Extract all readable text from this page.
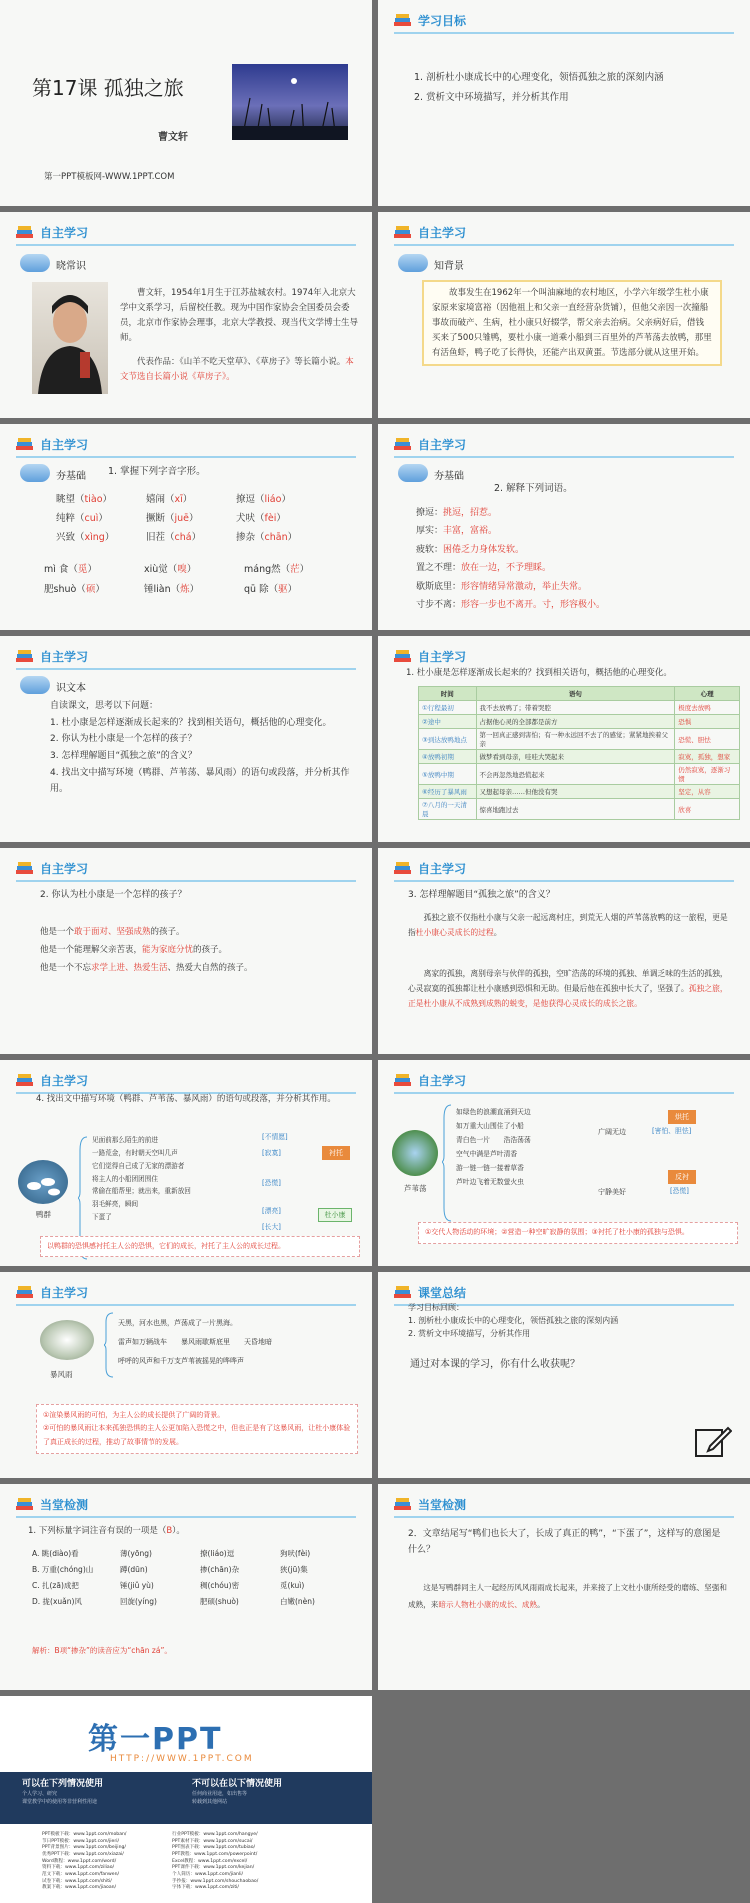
第17课 孤独之旅
曹文轩
第一PPT模板网-WWW.1PPT.COM
学习目标
1. 剖析杜小康成长中的心理变化，领悟孤独之旅的深刻内涵
2. 赏析文中环境描写，并分析其作用
自主学习
晓常识
曹文轩，1954年1月生于江苏盐城农村。1974年入北京大学中文系学习，后留校任教。现为中国作家协会全国委员会委员，北京市作家协会理事，北京大学教授、现当代文学博士生导师。
代表作品：《山羊不吃天堂草》、《草房子》等长篇小说。本文节选自长篇小说《草房子》。
自主学习
知背景
故事发生在1962年一个叫油麻地的农村地区，小学六年级学生杜小康家原来家境富裕（因他祖上和父亲一直经营杂货铺），但他父亲因一次撞船事故而破产、生病，杜小康只好辍学，帮父亲去治病。父亲病好后，借钱买来了500只雏鸭，要杜小康一道乘小船到三百里外的芦苇荡去放鸭，那里有活鱼虾，鸭子吃了长得快，还能产出双黄蛋。节选部分就从这里开始。
自主学习
夯基础 1. 掌握下列字音字形。
眺望（tiào）	嬉闹（xī）	撩逗（liáo）
纯粹（cuì）	撅断（juē）	犬吠（fèi）
兴致（xìng）	旧茬（chá）	掺杂（chān）
mì 食（觅）	xiù觉（嗅）	máng然（茫）
肥shuò（硕）	锤liàn（炼）	qū 除（驱）
自主学习
夯基础
2. 解释下列词语。
撩逗：挑逗，招惹。
厚实：丰富，富裕。
疲软：困倦乏力身体发软。
置之不理：放在一边，不予理睬。
歇斯底里：形容情绪异常激动，举止失常。
寸步不离：形容一步也不离开。寸，形容极小。
自主学习
识文本
自读课文，思考以下问题：
1. 杜小康是怎样逐渐成长起来的？找到相关语句，概括他的心理变化。
2. 你认为杜小康是一个怎样的孩子？
3. 怎样理解题目“孤独之旅”的含义？
4. 找出文中描写环境（鸭群、芦苇荡、暴风雨）的语句或段落，并分析其作用。
自主学习
1. 杜小康是怎样逐渐成长起来的？找到相关语句，概括他的心理变化。
时间	语句	心理
①行程最初	我不去放鸭了；带着哭腔	极度去放鸭
②途中	占据他心灵的全部都是前方	恐惧
③到达放鸭地点	第一回真正感到害怕；有一种永远回不去了的感觉；紧紧地挨着父亲	恐慌、胆怯
④放鸭初期	做梦看到母亲，哇哇大哭起来	寂寞，孤独，想家
⑤放鸭中期	不会再忽然地恐慌起来	仍然寂寞，逐渐习惯
⑥经历了暴风雨	又想起母亲……但他没有哭	坚定，从容
⑦八月的一天清晨	惊喜地跑过去	欣喜
自主学习
2. 你认为杜小康是一个怎样的孩子？
他是一个敢于面对、坚强成熟的孩子。
他是一个能理解父亲苦衷，能为家庭分忧的孩子。
他是一个不忘求学上进、热爱生活、热爱大自然的孩子。
自主学习
3. 怎样理解题目“孤独之旅”的含义？
孤独之旅不仅指杜小康与父亲一起远离村庄，到荒无人烟的芦苇荡放鸭的这一旅程，更是指杜小康心灵成长的过程。
离家的孤独，离别母亲与伙伴的孤独，空旷浩荡的环境的孤独、单调乏味的生活的孤独，心灵寂寞的孤独都让杜小康感到恐惧和无助。但最后他在孤独中长大了，坚强了。孤独之旅，正是杜小康从不成熟到成熟的蜕变，是他获得心灵成长的成长之旅。
自主学习
4. 找出文中描写环境（鸭群、芦苇荡、暴风雨）的语句或段落，并分析其作用。
鸭群
见面前那么陌生的前进
一路荒金，有时朝天空叫几声
它们觉得自己成了无家的漂游者
将主人的小船团团围住
常偷在船帮里；就出来，重新放回
羽毛鲜亮，瞬间
下蛋了
[不情愿]
[寂寞]
[恐慌]
[漂亮]
[长大]
衬托
杜小康
以鸭群的恐惧感衬托主人公的恐惧，它们的成长，衬托了主人公的成长过程。
自主学习
芦苇荡
如绿色的浪潮直涌到天边
如万重大山围住了小船
青白色一片　　浩浩荡荡
空气中满是芦叶清香
游一链一链一接着草香
芦叶边飞着无数萤火虫
广阔无边
宁静美好
烘托
[害怕、胆怯]
反衬
[恐慌]
①交代人物活动的环境；②营造一种空旷寂静的氛围；③衬托了杜小康的孤独与恐惧。
自主学习
暴风雨
天黑，河水也黑，芦荡成了一片黑海。
雷声如万辆战车　　暴风雨歇斯底里　　天昏地暗
呼呼的风声和千万支芦苇被摇晃的哗哗声
①渲染暴风雨的可怕，为主人公的成长提供了广阔的背景。
②可怕的暴风雨让本来孤独恐惧的主人公更加陷入恐慌之中，但也正是有了这暴风雨，让杜小康体验了真正成长的过程，推动了故事情节的发展。
课堂总结
学习目标回顾：
1. 剖析杜小康成长中的心理变化，领悟孤独之旅的深刻内涵
2. 赏析文中环境描写，分析其作用
通过对本课的学习，你有什么收获呢？
当堂检测
1. 下列标量字词注音有误的一项是（B）。
A. 眺(diào)看	薄(yōng)	撩(liáo)逗	狗吠(fèi)
B. 万重(chóng)山	蹲(dūn)	掺(chān)杂	狭(jū)集
C. 扎(zā)成把	锤(jiǔ yù)	稠(chóu)密	觅(kuì)
D. 拢(xuǎn)风	回旋(yíng)	肥硕(shuò)	白嫩(nèn)
解析：B项“掺杂”的读音应为“chān zá”。
当堂检测
2．文章结尾写“鸭们也长大了，长成了真正的鸭”，“下蛋了”，这样写的意图是什么？
这是写鸭群同主人一起经历风风雨雨成长起来，并来接了上文杜小康所经受的磨练、坚强和成熟，来暗示人物杜小康的成长、成熟。
第一PPT
HTTP://WWW.1PPT.COM
可以在下列情况使用
个人学习、研究
课堂教学中的使用等非营利性用途
不可以在以下情况使用
任何商业用途，如出售等
转载到其他网站
PPT模板下载：www.1ppt.com/moban/
节日PPT模板：www.1ppt.com/jieri/
PPT背景图片：www.1ppt.com/beijing/
优秀PPT下载：www.1ppt.com/xiazai/
Word教程：www.1ppt.com/word/
资料下载：www.1ppt.com/ziliao/
范文下载：www.1ppt.com/fanwen/
试卷下载：www.1ppt.com/shiti/
教案下载：www.1ppt.com/jiaoan/
行业PPT模板：www.1ppt.com/hangye/
PPT素材下载：www.1ppt.com/sucai/
PPT图表下载：www.1ppt.com/tubiao/
PPT教程：www.1ppt.com/powerpoint/
Excel教程：www.1ppt.com/excel/
PPT课件下载：www.1ppt.com/kejian/
个人简历：www.1ppt.com/jianli/
手抄报：www.1ppt.com/shouchaobao/
字体下载：www.1ppt.com/ziti/
